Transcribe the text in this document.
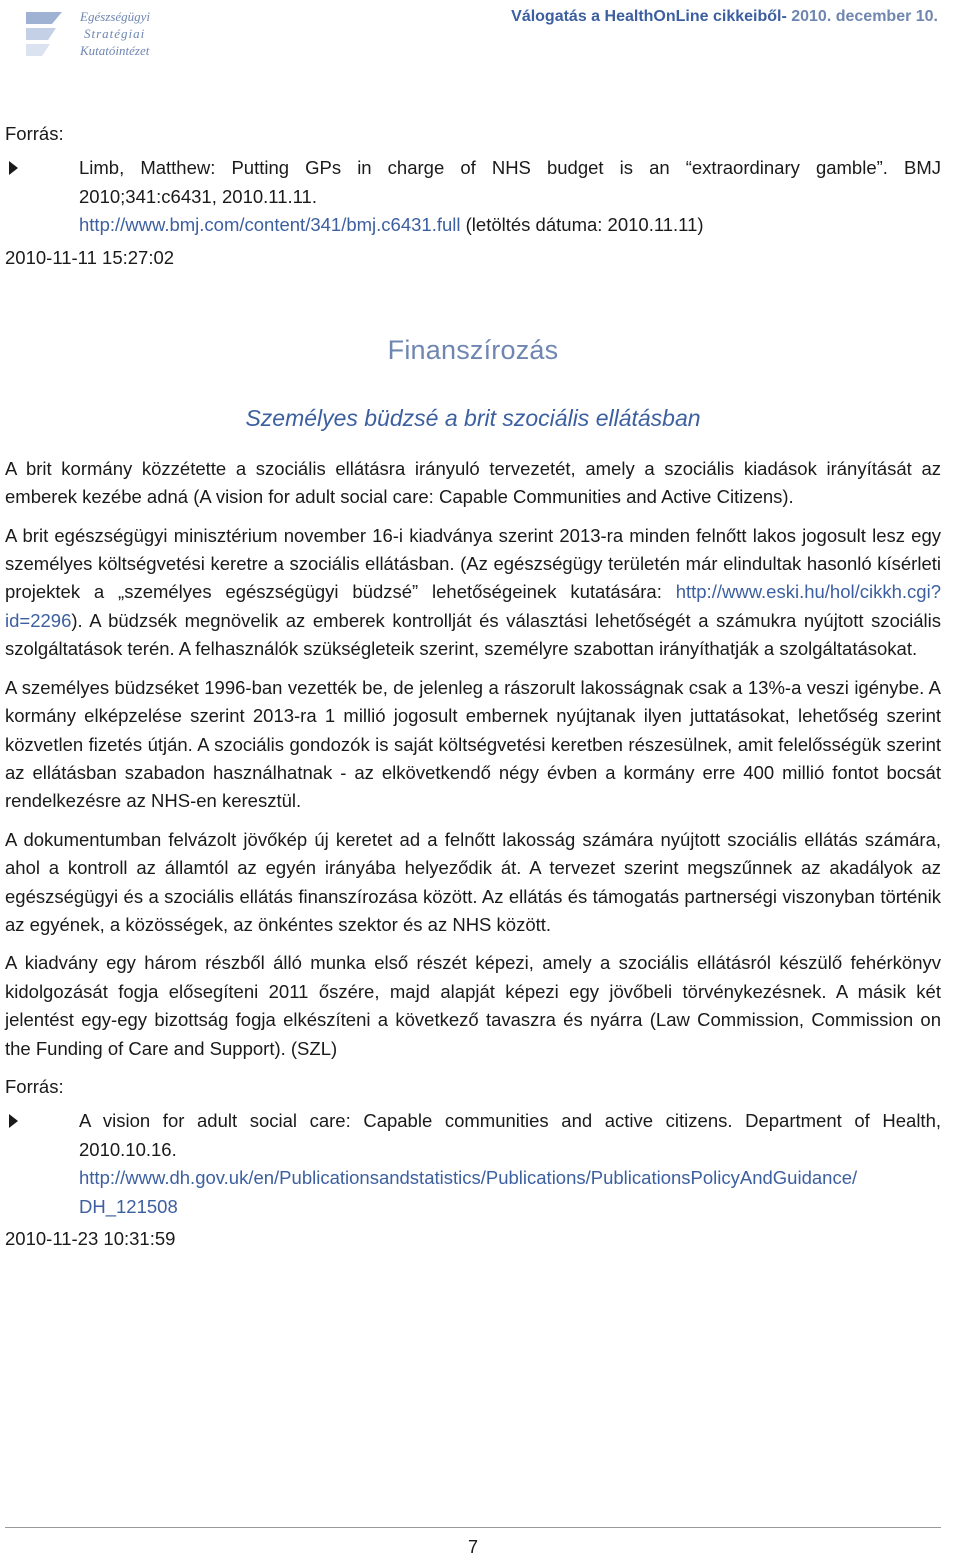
Egészségügyi
Stratégiai
Kutatóintézet
Válogatás a HealthOnLine cikkeiből- 2010. december 10.
Forrás:
Limb, Matthew: Putting GPs in charge of NHS budget is an “extraordinary gamble”. BMJ 2010;341:c6431, 2010.11.11.
http://www.bmj.com/content/341/bmj.c6431.full (letöltés dátuma: 2010.11.11)
2010-11-11 15:27:02
Finanszírozás
Személyes büdzsé a brit szociális ellátásban

A brit kormány közzétette a szociális ellátásra irányuló tervezetét, amely a szociális kiadások irányítását az emberek kezébe adná (A vision for adult social care: Capable Communities and Active Citizens).

A brit egészségügyi minisztérium november 16-i kiadványa szerint 2013-ra minden felnőtt lakos jogosult lesz egy személyes költségvetési keretre a szociális ellátásban. (Az egészségügy területén már elindultak hasonló kísérleti projektek a „személyes egészségügyi büdzsé” lehetőségeinek kutatására: http://www.eski.hu/hol/cikkh.cgi?id=2296). A büdzsék megnövelik az emberek kontrollját és választási lehetőségét a számukra nyújtott szociális szolgáltatások terén. A felhasználók szükségleteik szerint, személyre szabottan irányíthatják a szolgáltatásokat.

A személyes büdzséket 1996-ban vezették be, de jelenleg a rászorult lakosságnak csak a 13%-a veszi igénybe. A kormány elképzelése szerint 2013-ra 1 millió jogosult embernek nyújtanak ilyen juttatásokat, lehetőség szerint közvetlen fizetés útján. A szociális gondozók is saját költségvetési keretben részesülnek, amit felelősségük szerint az ellátásban szabadon használhatnak - az elkövetkendő négy évben a kormány erre 400 millió fontot bocsát rendelkezésre az NHS-en keresztül.

A dokumentumban felvázolt jövőkép új keretet ad a felnőtt lakosság számára nyújtott szociális ellátás számára, ahol a kontroll az államtól az egyén irányába helyeződik át. A tervezet szerint megszűnnek az akadályok az egészségügyi és a szociális ellátás finanszírozása között. Az ellátás és támogatás partnerségi viszonyban történik az egyének, a közösségek, az önkéntes szektor és az NHS között.

A kiadvány egy három részből álló munka első részét képezi, amely a szociális ellátásról készülő fehérkönyv kidolgozását fogja elősegíteni 2011 őszére, majd alapját képezi egy jövőbeli törvénykezésnek. A másik két jelentést egy-egy bizottság fogja elkészíteni a következő tavaszra és nyárra (Law Commission, Commission on the Funding of Care and Support). (SZL)

Forrás:
A vision for adult social care: Capable communities and active citizens. Department of Health, 2010.10.16.
http://www.dh.gov.uk/en/Publicationsandstatistics/Publications/PublicationsPolicyAndGuidance/
DH_121508
2010-11-23 10:31:59
7
